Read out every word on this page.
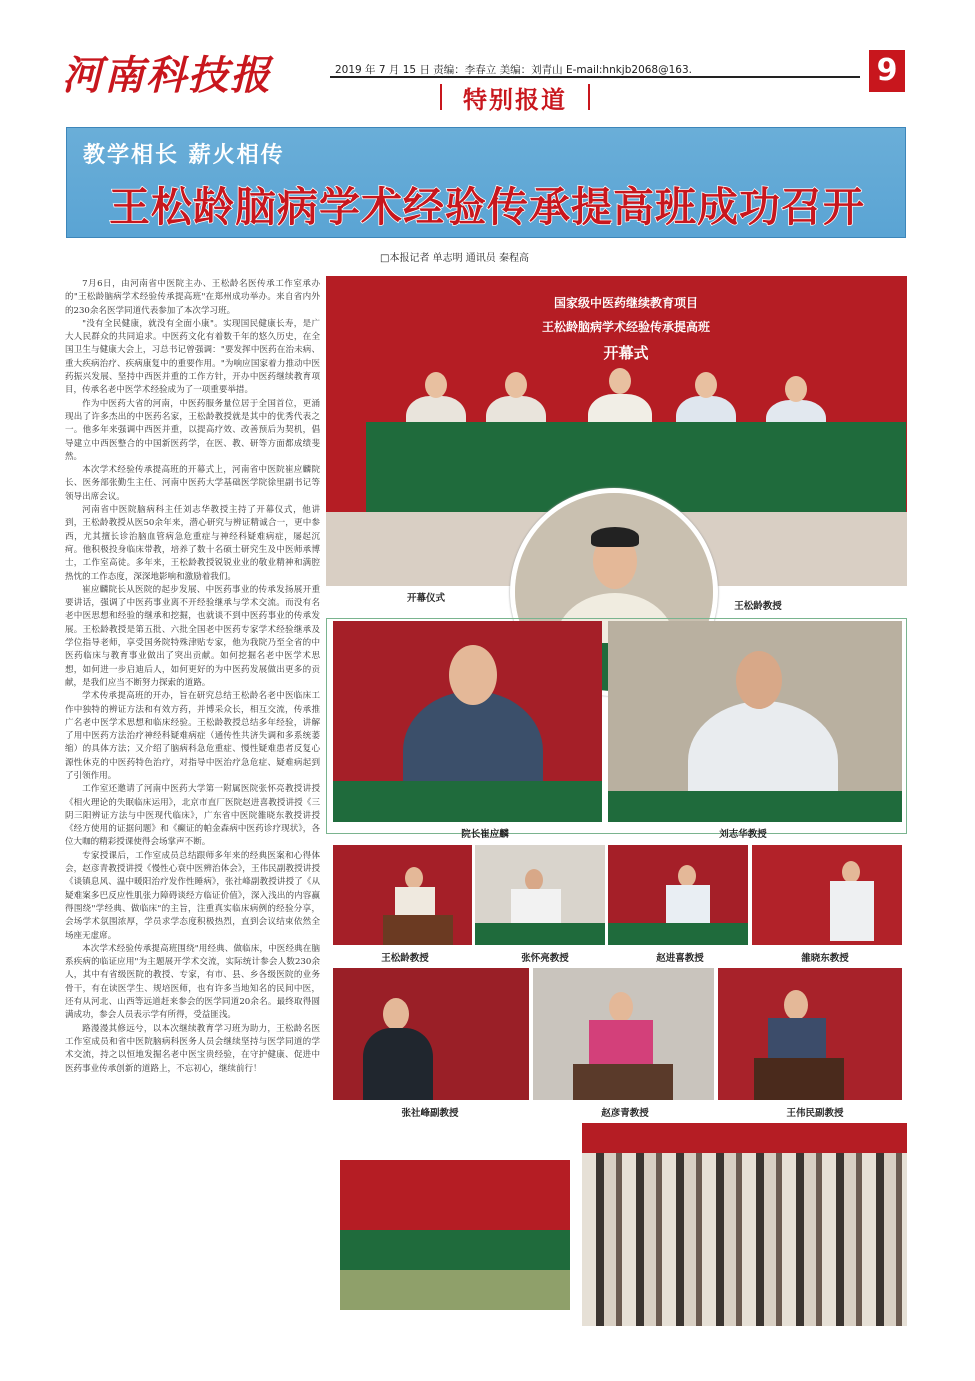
河南科技报	2019 年 7 月 15 日 责编：李春立 美编：刘青山 E-mail:hnkjb2068@163.	9
特别报道
教学相长 薪火相传
王松龄脑病学术经验传承提高班成功召开
□本报记者 单志明 通讯员 秦程高

7月6日，由河南省中医院主办、王松龄名医传承工作室承办的"王松龄脑病学术经验传承提高班"在郑州成功举办。来自省内外的230余名医学同道代表参加了本次学习班。

"没有全民健康，就没有全面小康"。实现国民健康长寿，是广大人民群众的共同追求。中医药文化有着数千年的悠久历史，在全国卫生与健康大会上，习总书记曾强调："要发挥中医药在治未病、重大疾病治疗、疾病康复中的重要作用。"为响应国家着力推动中医药振兴发展、坚持中西医并重的工作方针，开办中医药继续教育项目，传承名老中医学术经验成为了一项重要举措。

作为中医药大省的河南，中医药服务量位居于全国首位，更涌现出了许多杰出的中医药名家，王松龄教授就是其中的优秀代表之一。他多年来强调中西医并重，以提高疗效、改善预后为契机，倡导建立中西医整合的中国新医药学，在医、教、研等方面都成绩斐然。

本次学术经验传承提高班的开幕式上，河南省中医院崔应麟院长、医务部张勤生主任、河南中医药大学基础医学院徐里副书记等领导出席会议。

河南省中医院脑病科主任刘志华教授主持了开幕仪式，他讲到，王松龄教授从医50余年来，潜心研究与辨证精诚合一，更中参西，尤其擅长诊治脑血管病急危重症与神经科疑难病症，屡起沉疴。他积极投身临床带教，培养了数十名硕士研究生及中医师承博士，工作室高徒。多年来，王松龄教授锐锐业业的敬业精神和满腔热忱的工作态度，深深地影响和激励着我们。

崔应麟院长从医院的起步发展、中医药事业的传承发扬展开重要讲话，强调了中医药事业离不开经验继承与学术交流。而没有名老中医思想和经验的继承和挖掘，也就谈不到中医药事业的传承发展。王松龄教授是第五批、六批全国老中医药专家学术经验继承及学位指导老师，享受国务院特殊津贴专家，他为我院乃至全省的中医药临床与教育事业做出了突出贡献。如何挖掘名老中医学术思想，如何进一步启迪后人，如何更好的为中医药发展做出更多的贡献，是我们应当不断努力探索的道路。

学术传承提高班的开办，旨在研究总结王松龄名老中医临床工作中独特的辨证方法和有效方药，并博采众长，相互交流，传承推广名老中医学术思想和临床经验。王松龄教授总结多年经验，讲解了用中医药方法治疗神经科疑难病症（通传性共济失调和多系统萎缩）的具体方法；又介绍了脑病科急危重症、慢性疑难患者反复心源性休克的中医药特色治疗，对指导中医治疗急危症、疑难病起到了引领作用。

工作室还邀请了河南中医药大学第一附属医院张怀亮教授讲授《相火理论的失眠临床运用》，北京市直厂医院赵进喜教授讲授《三阴三阳辨证方法与中医现代临床》，广东省中医院雒晓东教授讲授《经方使用的证据问题》和《癫证的帕金森病中医药诊疗现状》，各位大咖的精彩授课使得会场掌声不断。

专家授课后，工作室成员总结跟师多年来的经典医案和心得体会，赵彦青教授讲授《慢性心衰中医辨治体会》，王伟民副教授讲授《谈镇息风、温中暖阳治疗发作性睡病》，张社峰副教授讲授了《从疑难案多巴反应性肌张力障碍谈经方临证价值》，深入浅出的内容赢得围绕"学经典、做临床"的主旨，注重真实临床病例的经验分享，会场学术氛围浓厚，学员求学态度积极热烈，直到会议结束依然全场座无虚席。

本次学术经验传承提高班围绕"用经典、做临床，中医经典在脑系疾病的临证应用"为主题展开学术交流，实际统计参会人数230余人，其中有省级医院的教授、专家，有市、县、乡各级医院的业务骨干，有在读医学生、规培医师，也有许多当地知名的民间中医，还有从河北、山西等远道赶来参会的医学同道20余名。最终取得圆满成功，参会人员表示学有所得，受益匪浅。

路漫漫其修远兮，以本次继续教育学习班为助力，王松龄名医工作室成员和省中医院脑病科医务人员会继续坚持与医学同道的学术交流，持之以恒地发掘名老中医宝贵经验，在守护健康、促进中医药事业传承创新的道路上，不忘初心，继续前行！

国家级中医药继续教育项目
王松龄脑病学术经验传承提高班
开幕式
开幕仪式
王松龄教授
院长崔应麟	刘志华教授
王松龄教授	张怀亮教授	赵进喜教授	雒晓东教授
张社峰副教授	赵彦青教授	王伟民副教授
